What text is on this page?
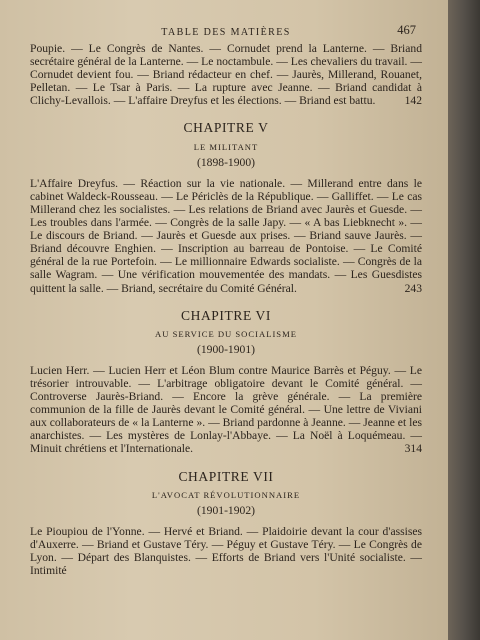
TABLE DES MATIÈRES	467

Poupie. — Le Congrès de Nantes. — Cornudet prend la Lanterne. — Briand secrétaire général de la Lanterne. — Le noctambule. — Les chevaliers du travail. — Cornudet devient fou. — Briand rédacteur en chef. — Jaurès, Millerand, Rouanet, Pelletan. — Le Tsar à Paris. — La rupture avec Jeanne. — Briand candidat à Clichy-Levallois. — L'affaire Dreyfus et les élections. — Briand est battu.	142

CHAPITRE V
LE MILITANT
(1898-1900)

L'Affaire Dreyfus. — Réaction sur la vie nationale. — Millerand entre dans le cabinet Waldeck-Rousseau. — Le Périclès de la République. — Galliffet. — Le cas Millerand chez les socialistes. — Les relations de Briand avec Jaurès et Guesde. — Les troubles dans l'armée. — Congrès de la salle Japy. — « A bas Liebknecht ». — Le discours de Briand. — Jaurès et Guesde aux prises. — Briand sauve Jaurès. — Briand découvre Enghien. — Inscription au barreau de Pontoise. — Le Comité général de la rue Portefoin. — Le millionnaire Edwards socialiste. — Congrès de la salle Wagram. — Une vérification mouvementée des mandats. — Les Guesdistes quittent la salle. — Briand, secrétaire du Comité Général.	243

CHAPITRE VI
AU SERVICE DU SOCIALISME
(1900-1901)

Lucien Herr. — Lucien Herr et Léon Blum contre Maurice Barrès et Péguy. — Le trésorier introuvable. — L'arbitrage obligatoire devant le Comité général. — Controverse Jaurès-Briand. — Encore la grève générale. — La première communion de la fille de Jaurès devant le Comité général. — Une lettre de Viviani aux collaborateurs de « la Lanterne ». — Briand pardonne à Jeanne. — Jeanne et les anarchistes. — Les mystères de Lonlay-l'Abbaye. — La Noël à Loquémeau. — Minuit chrétiens et l'Internationale.	314

CHAPITRE VII
L'AVOCAT RÉVOLUTIONNAIRE
(1901-1902)

Le Pioupiou de l'Yonne. — Hervé et Briand. — Plaidoirie devant la cour d'assises d'Auxerre. — Briand et Gustave Téry. — Péguy et Gustave Téry. — Le Congrès de Lyon. — Départ des Blanquistes. — Efforts de Briand vers l'Unité socialiste. — Intimité
